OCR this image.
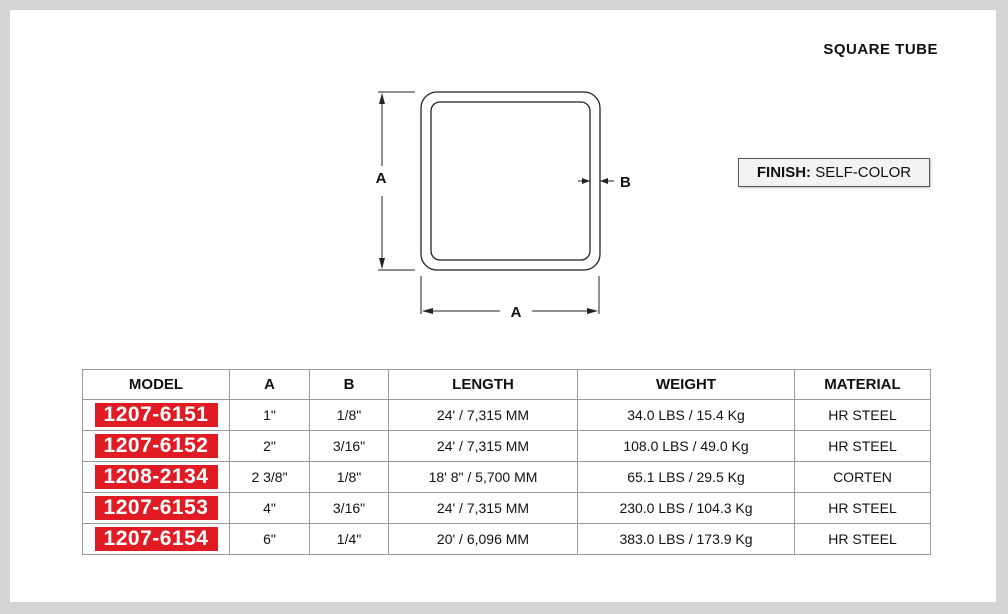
SQUARE TUBE
A
A
B
FINISH: SELF-COLOR
MODEL	A	B	LENGTH	WEIGHT	MATERIAL
1207-6151	1"	1/8"	24' / 7,315 MM	34.0 LBS / 15.4 Kg	HR STEEL
1207-6152	2"	3/16"	24' / 7,315 MM	108.0 LBS / 49.0 Kg	HR STEEL
1208-2134	2 3/8"	1/8"	18' 8" / 5,700 MM	65.1 LBS / 29.5 Kg	CORTEN
1207-6153	4"	3/16"	24' / 7,315 MM	230.0 LBS / 104.3 Kg	HR STEEL
1207-6154	6"	1/4"	20' / 6,096 MM	383.0 LBS / 173.9 Kg	HR STEEL
